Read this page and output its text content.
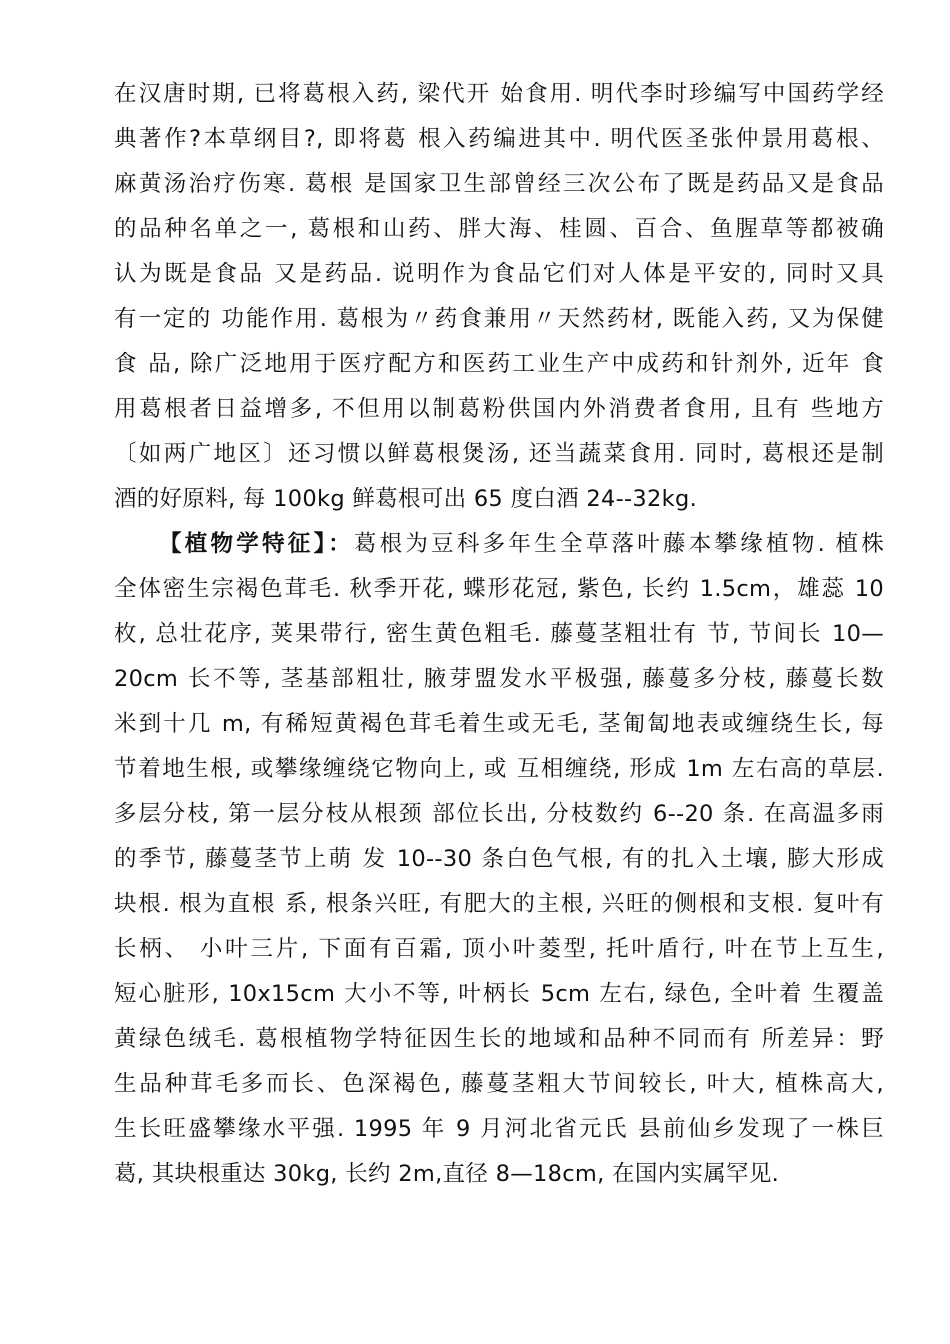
在汉唐时期, 已将葛根入药, 梁代开 始食用. 明代李时珍编写中国药学经
典著作?本草纲目?, 即将葛 根入药编进其中. 明代医圣张仲景用葛根、
麻黄汤治疗伤寒. 葛根 是国家卫生部曾经三次公布了既是药品又是食品
的品种名单之一, 葛根和山药、胖大海、桂圆、百合、鱼腥草等都被确
认为既是食品 又是药品. 说明作为食品它们对人体是平安的, 同时又具
有一定的 功能作用. 葛根为〃药食兼用〃天然药材, 既能入药, 又为保健
食 品, 除广泛地用于医疗配方和医药工业生产中成药和针剂外, 近年 食
用葛根者日益增多, 不但用以制葛粉供国内外消费者食用, 且有 些地方
〔如两广地区〕还习惯以鲜葛根煲汤, 还当蔬菜食用. 同时, 葛根还是制
酒的好原料, 每 100kg 鲜葛根可出 65 度白酒 24--32kg.
【植物学特征】：葛根为豆科多年生全草落叶藤本攀缘植物. 植株
全体密生宗褐色茸毛. 秋季开花, 蝶形花冠, 紫色, 长约 1.5cm，雄蕊 10
枚, 总壮花序, 荚果带行, 密生黄色粗毛. 藤蔓茎粗壮有 节, 节间长 10—
20cm 长不等, 茎基部粗壮, 腋芽盟发水平极强, 藤蔓多分枝, 藤蔓长数
米到十几 m, 有稀短黄褐色茸毛着生或无毛, 茎匍匐地表或缠绕生长, 每
节着地生根, 或攀缘缠绕它物向上, 或 互相缠绕, 形成 1m 左右高的草层.
多层分枝, 第一层分枝从根颈 部位长出, 分枝数约 6--20 条. 在高温多雨
的季节, 藤蔓茎节上萌 发 10--30 条白色气根, 有的扎入土壤, 膨大形成
块根. 根为直根 系, 根条兴旺, 有肥大的主根, 兴旺的侧根和支根. 复叶有
长柄、 小叶三片, 下面有百霜, 顶小叶菱型, 托叶盾行, 叶在节上互生,
短心脏形, 10x15cm 大小不等, 叶柄长 5cm 左右, 绿色, 全叶着 生覆盖
黄绿色绒毛. 葛根植物学特征因生长的地域和品种不同而有 所差异：野
生品种茸毛多而长、色深褐色, 藤蔓茎粗大节间较长, 叶大, 植株高大,
生长旺盛攀缘水平强. 1995 年 9 月河北省元氏 县前仙乡发现了一株巨
葛, 其块根重达 30kg, 长约 2m,直径 8—18cm, 在国内实属罕见.
